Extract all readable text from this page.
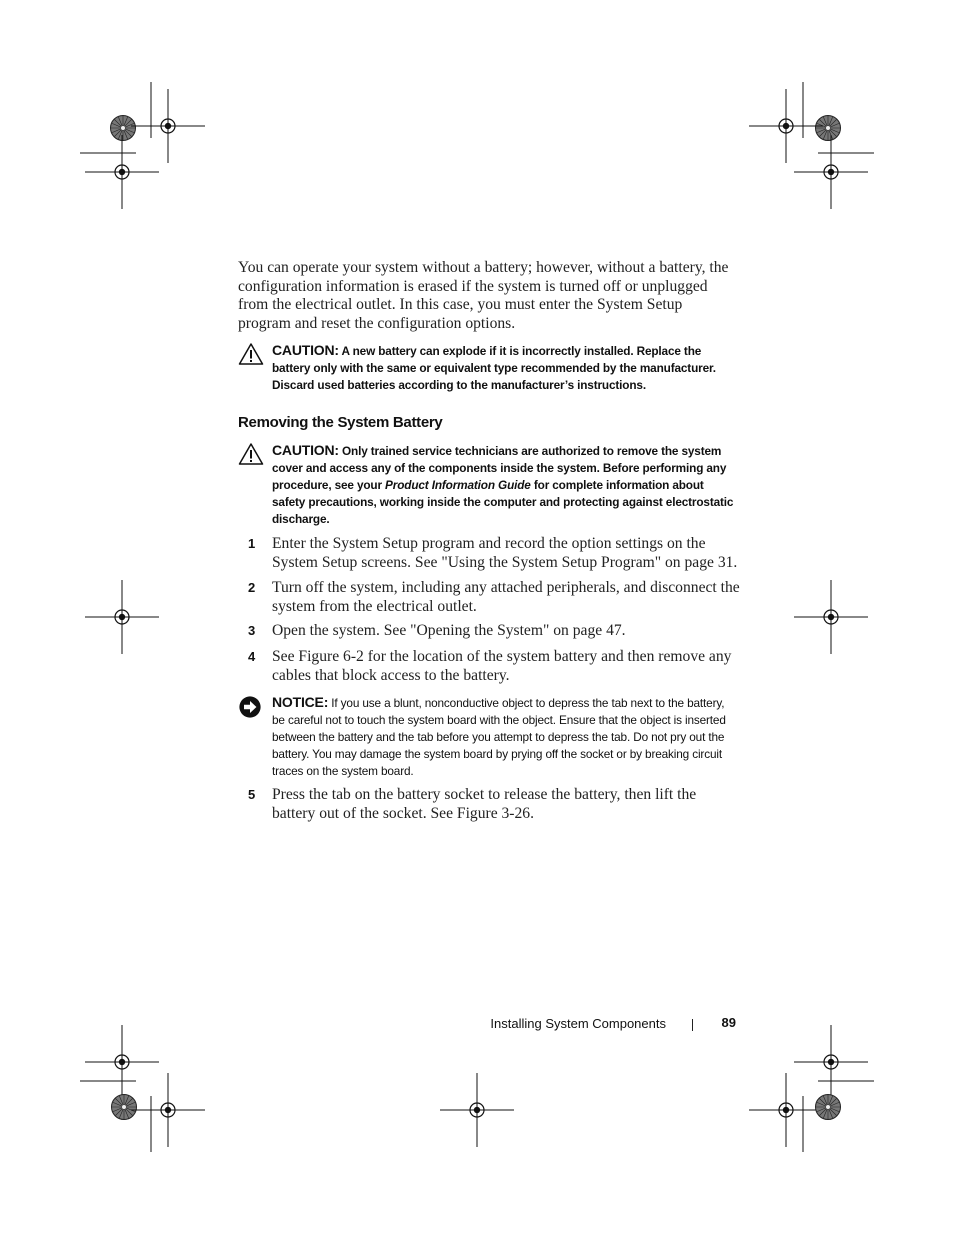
You can operate your system without a battery; however, without a battery, the configuration information is erased if the system is turned off or unplugged from the electrical outlet. In this case, you must enter the System Setup program and reset the configuration options.
CAUTION: A new battery can explode if it is incorrectly installed. Replace the battery only with the same or equivalent type recommended by the manufacturer. Discard used batteries according to the manufacturer’s instructions.
Removing the System Battery
CAUTION: Only trained service technicians are authorized to remove the system cover and access any of the components inside the system. Before performing any procedure, see your Product Information Guide for complete information about safety precautions, working inside the computer and protecting against electrostatic discharge.
1 Enter the System Setup program and record the option settings on the System Setup screens. See "Using the System Setup Program" on page 31.
2 Turn off the system, including any attached peripherals, and disconnect the system from the electrical outlet.
3 Open the system. See "Opening the System" on page 47.
4 See Figure 6-2 for the location of the system battery and then remove any cables that block access to the battery.
NOTICE: If you use a blunt, nonconductive object to depress the tab next to the battery, be careful not to touch the system board with the object. Ensure that the object is inserted between the battery and the tab before you attempt to depress the tab. Do not pry out the battery. You may damage the system board by prying off the socket or by breaking circuit traces on the system board.
5 Press the tab on the battery socket to release the battery, then lift the battery out of the socket. See Figure 3-26.
Installing System Components	89
